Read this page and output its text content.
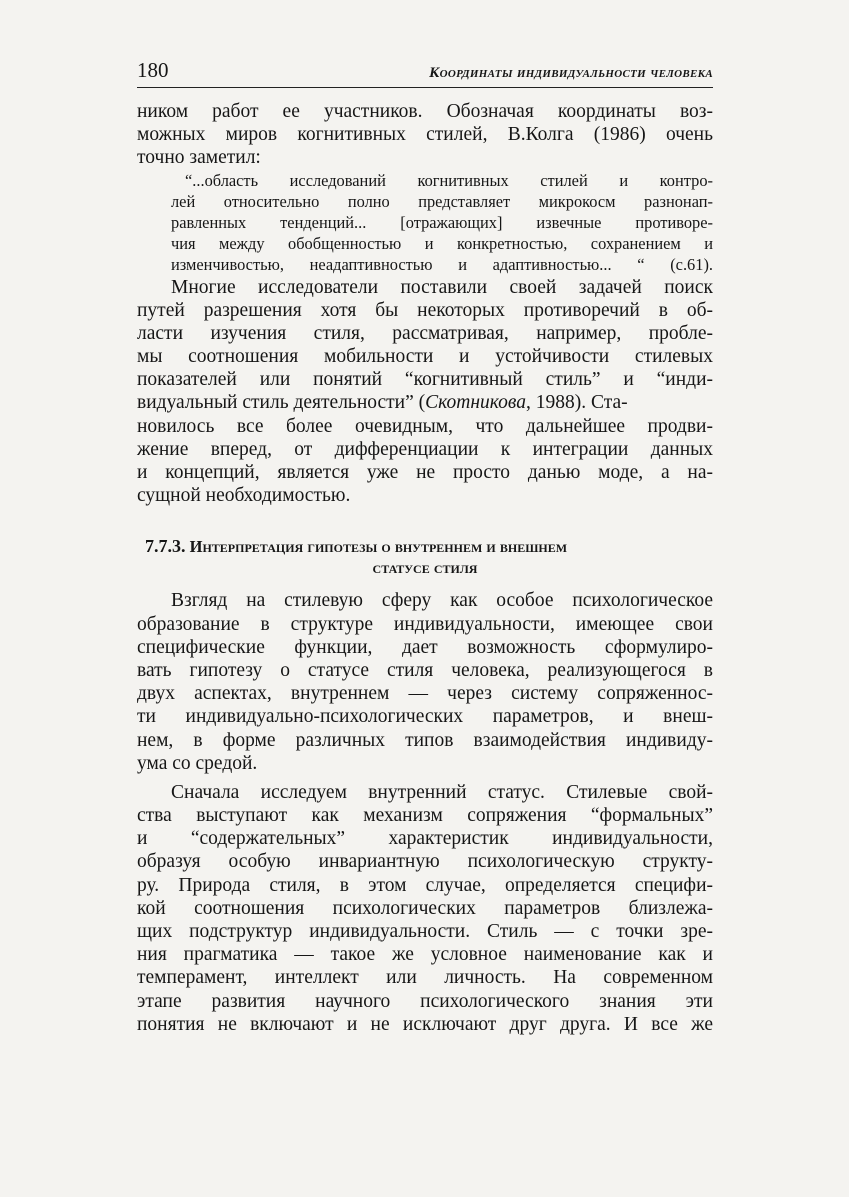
180	Координаты индивидуальности человека
ником работ ее участников. Обозначая координаты воз-
можных миров когнитивных стилей, В.Колга (1986) очень
точно заметил:
“...область исследований когнитивных стилей и контро-
лей относительно полно представляет микрокосм разнонап-
равленных тенденций... [отражающих] извечные противоре-
чия между обобщенностью и конкретностью, сохранением и
изменчивостью, неадаптивностью и адаптивностью... “ (с.61).
Многие исследователи поставили своей задачей поиск
путей разрешения хотя бы некоторых противоречий в об-
ласти изучения стиля, рассматривая, например, пробле-
мы соотношения мобильности и устойчивости стилевых
показателей или понятий “когнитивный стиль” и “инди-
видуальный стиль деятельности” (Скотникова, 1988). Ста-
новилось все более очевидным, что дальнейшее продви-
жение вперед, от дифференциации к интеграции данных
и концепций, является уже не просто данью моде, а на-
сущной необходимостью.
7.7.3. Интерпретация гипотезы о внутреннем и внешнем
статусе стиля
Взгляд на стилевую сферу как особое психологическое
образование в структуре индивидуальности, имеющее свои
специфические функции, дает возможность сформулиро-
вать гипотезу о статусе стиля человека, реализующегося в
двух аспектах, внутреннем — через систему сопряженнос-
ти индивидуально-психологических параметров, и внеш-
нем, в форме различных типов взаимодействия индивиду-
ума со средой.
Сначала исследуем внутренний статус. Стилевые свой-
ства выступают как механизм сопряжения “формальных”
и “содержательных” характеристик индивидуальности,
образуя особую инвариантную психологическую структу-
ру. Природа стиля, в этом случае, определяется специфи-
кой соотношения психологических параметров близлежа-
щих подструктур индивидуальности. Стиль — с точки зре-
ния прагматика — такое же условное наименование как и
темперамент, интеллект или личность. На современном
этапе развития научного психологического знания эти
понятия не включают и не исключают друг друга. И все же
